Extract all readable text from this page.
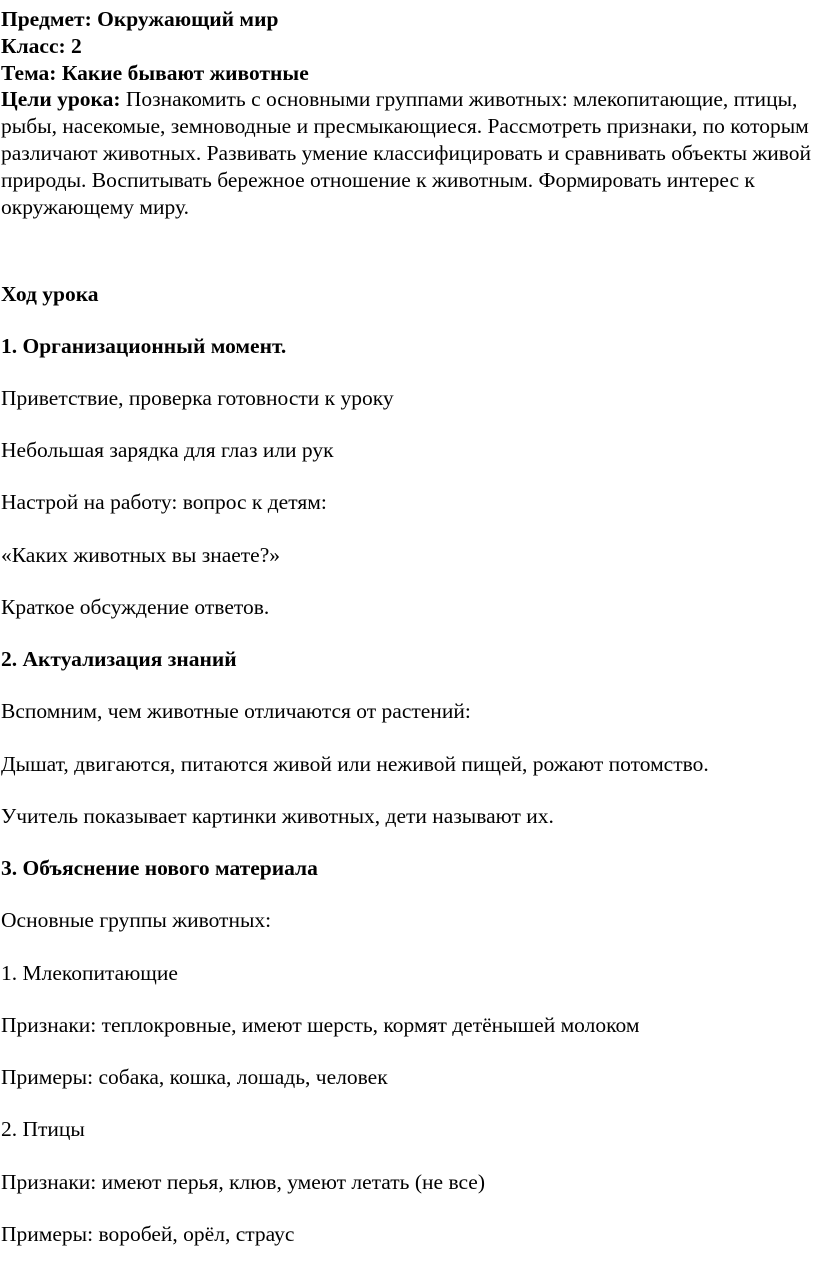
Предмет: Окружающий мир
Класс: 2
Тема: Какие бывают животные
Цели урока: Познакомить с основными группами животных: млекопитающие, птицы, рыбы, насекомые, земноводные и пресмыкающиеся. Рассмотреть признаки, по которым различают животных. Развивать умение классифицировать и сравнивать объекты живой природы. Воспитывать бережное отношение к животным. Формировать интерес к окружающему миру.
Ход урока
1. Организационный момент.
Приветствие, проверка готовности к уроку
Небольшая зарядка для глаз или рук
Настрой на работу: вопрос к детям:
«Каких животных вы знаете?»
Краткое обсуждение ответов.
2. Актуализация знаний
Вспомним, чем животные отличаются от растений:
Дышат, двигаются, питаются живой или неживой пищей, рожают потомство.
Учитель показывает картинки животных, дети называют их.
3. Объяснение нового материала
Основные группы животных:
1. Млекопитающие
Признаки: теплокровные, имеют шерсть, кормят детёнышей молоком
Примеры: собака, кошка, лошадь, человек
2. Птицы
Признаки: имеют перья, клюв, умеют летать (не все)
Примеры: воробей, орёл, страус
